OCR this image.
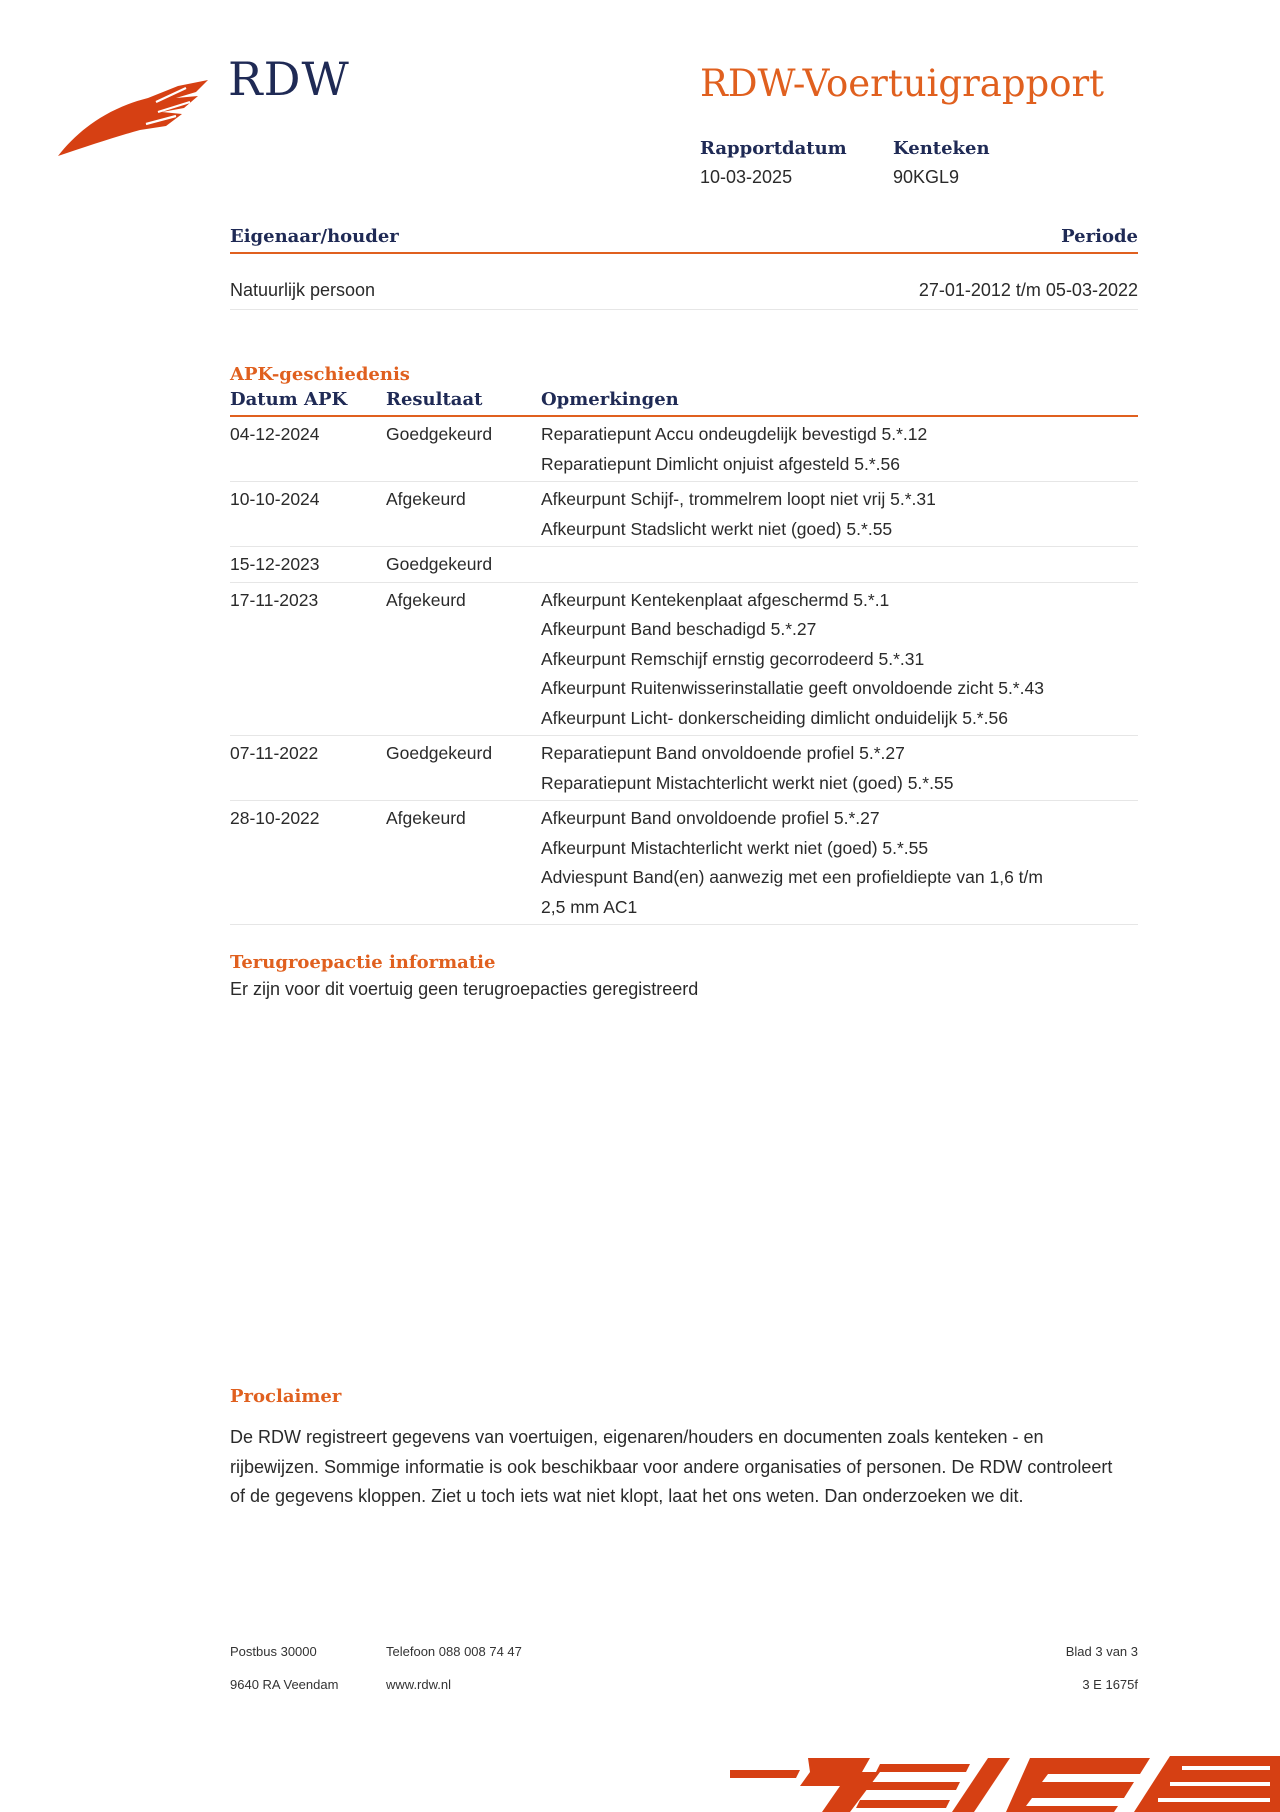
RDW	RDW-Voertuigrapport
Rapportdatum
10-03-2025
Kenteken
90KGL9
Eigenaar/houder	Periode
Natuurlijk persoon	27-01-2012 t/m 05-03-2022
APK-geschiedenis
Datum APK	Resultaat	Opmerkingen
04-12-2024	Goedgekeurd	Reparatiepunt Accu ondeugdelijk bevestigd 5.*.12
Reparatiepunt Dimlicht onjuist afgesteld 5.*.56
10-10-2024	Afgekeurd	Afkeurpunt Schijf-, trommelrem loopt niet vrij 5.*.31
Afkeurpunt Stadslicht werkt niet (goed) 5.*.55
15-12-2023	Goedgekeurd

17-11-2023	Afgekeurd	Afkeurpunt Kentekenplaat afgeschermd 5.*.1
Afkeurpunt Band beschadigd 5.*.27
Afkeurpunt Remschijf ernstig gecorrodeerd 5.*.31
Afkeurpunt Ruitenwisserinstallatie geeft onvoldoende zicht 5.*.43
Afkeurpunt Licht- donkerscheiding dimlicht onduidelijk 5.*.56
07-11-2022	Goedgekeurd	Reparatiepunt Band onvoldoende profiel 5.*.27
Reparatiepunt Mistachterlicht werkt niet (goed) 5.*.55
28-10-2022	Afgekeurd	Afkeurpunt Band onvoldoende profiel 5.*.27
Afkeurpunt Mistachterlicht werkt niet (goed) 5.*.55
Adviespunt Band(en) aanwezig met een profieldiepte van 1,6 t/m
2,5 mm AC1
Terugroepactie informatie
Er zijn voor dit voertuig geen terugroepacties geregistreerd
Proclaimer
De RDW registreert gegevens van voertuigen, eigenaren/houders en documenten zoals kenteken - en rijbewijzen. Sommige informatie is ook beschikbaar voor andere organisaties of personen. De RDW controleert of de gegevens kloppen. Ziet u toch iets wat niet klopt, laat het ons weten. Dan onderzoeken we dit.
Postbus 30000
9640 RA Veendam
Telefoon 088 008 74 47
www.rdw.nl
Blad 3 van 3
3 E 1675f
